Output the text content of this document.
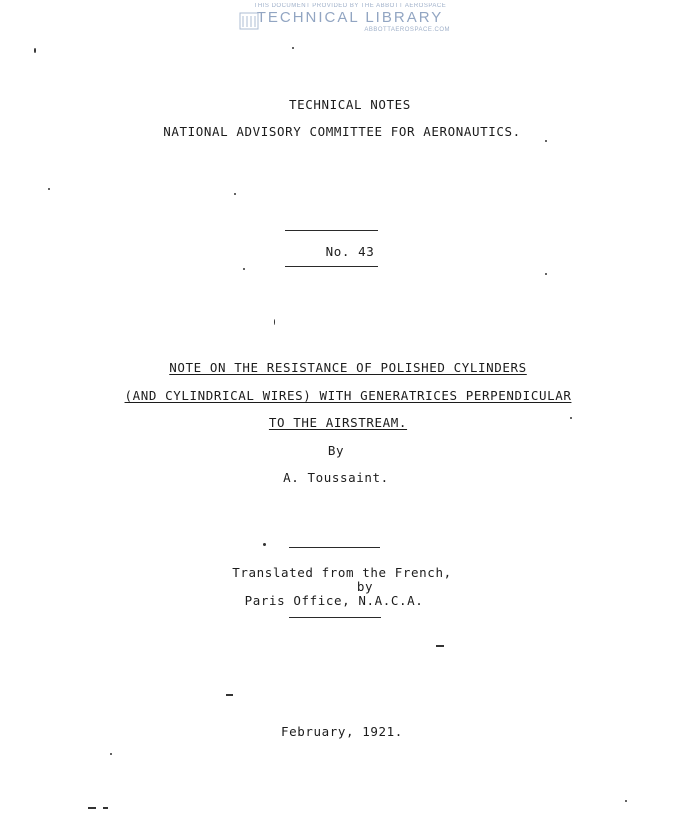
THIS DOCUMENT PROVIDED BY THE ABBOTT AEROSPACE
TECHNICAL LIBRARY
ABBOTTAEROSPACE.COM
TECHNICAL NOTES
NATIONAL ADVISORY COMMITTEE FOR AERONAUTICS.
No. 43
NOTE ON THE RESISTANCE OF POLISHED CYLINDERS
(AND CYLINDRICAL WIRES) WITH GENERATRICES PERPENDICULAR
TO THE AIRSTREAM.
By
A. Toussaint.
Translated from the French,
by
Paris Office, N.A.C.A.
February, 1921.
